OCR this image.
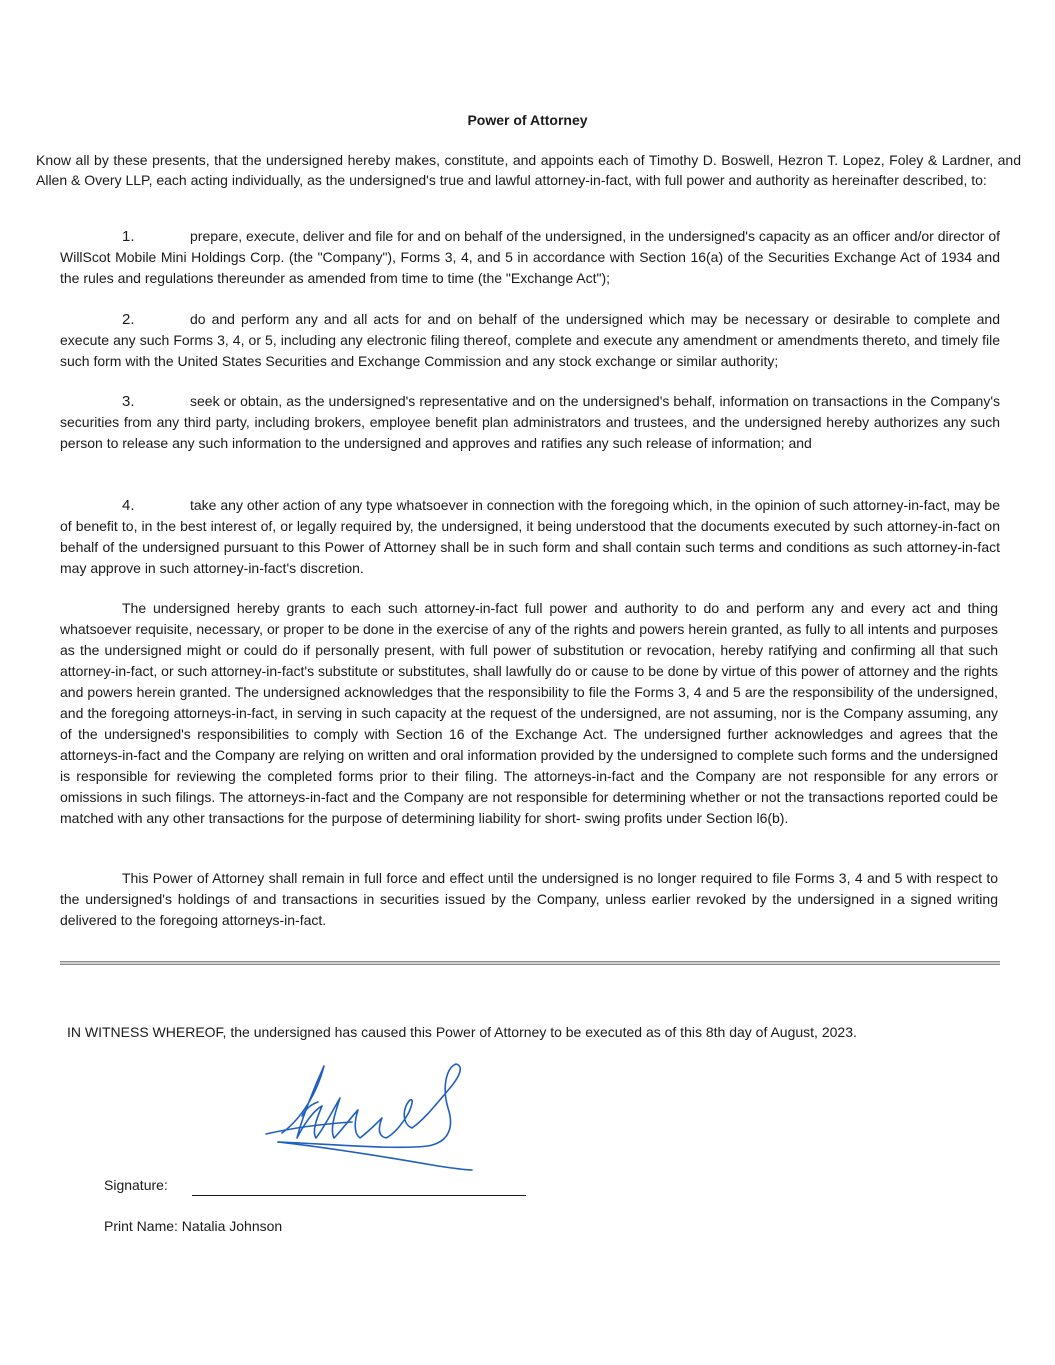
Power of Attorney
Know all by these presents, that the undersigned hereby makes, constitute, and appoints each of Timothy D. Boswell, Hezron T. Lopez, Foley & Lardner, and Allen & Overy LLP, each acting individually, as the undersigned's true and lawful attorney-in-fact, with full power and authority as hereinafter described, to:
1.	prepare, execute, deliver and file for and on behalf of the undersigned, in the undersigned's capacity as an officer and/or director of WillScot Mobile Mini Holdings Corp. (the "Company"), Forms 3, 4, and 5 in accordance with Section 16(a) of the Securities Exchange Act of 1934 and the rules and regulations thereunder as amended from time to time (the "Exchange Act");
2.	do and perform any and all acts for and on behalf of the undersigned which may be necessary or desirable to complete and execute any such Forms 3, 4, or 5, including any electronic filing thereof, complete and execute any amendment or amendments thereto, and timely file such form with the United States Securities and Exchange Commission and any stock exchange or similar authority;
3.	seek or obtain, as the undersigned's representative and on the undersigned's behalf, information on transactions in the Company's securities from any third party, including brokers, employee benefit plan administrators and trustees, and the undersigned hereby authorizes any such person to release any such information to the undersigned and approves and ratifies any such release of information; and
4.	take any other action of any type whatsoever in connection with the foregoing which, in the opinion of such attorney-in-fact, may be of benefit to, in the best interest of, or legally required by, the undersigned, it being understood that the documents executed by such attorney-in-fact on behalf of the undersigned pursuant to this Power of Attorney shall be in such form and shall contain such terms and conditions as such attorney-in-fact may approve in such attorney-in-fact's discretion.
The undersigned hereby grants to each such attorney-in-fact full power and authority to do and perform any and every act and thing whatsoever requisite, necessary, or proper to be done in the exercise of any of the rights and powers herein granted, as fully to all intents and purposes as the undersigned might or could do if personally present, with full power of substitution or revocation, hereby ratifying and confirming all that such attorney-in-fact, or such attorney-in-fact's substitute or substitutes, shall lawfully do or cause to be done by virtue of this power of attorney and the rights and powers herein granted. The undersigned acknowledges that the responsibility to file the Forms 3, 4 and 5 are the responsibility of the undersigned, and the foregoing attorneys-in-fact, in serving in such capacity at the request of the undersigned, are not assuming, nor is the Company assuming, any of the undersigned's responsibilities to comply with Section 16 of the Exchange Act. The undersigned further acknowledges and agrees that the attorneys-in-fact and the Company are relying on written and oral information provided by the undersigned to complete such forms and the undersigned is responsible for reviewing the completed forms prior to their filing. The attorneys-in-fact and the Company are not responsible for any errors or omissions in such filings. The attorneys-in-fact and the Company are not responsible for determining whether or not the transactions reported could be matched with any other transactions for the purpose of determining liability for short- swing profits under Section l6(b).
This Power of Attorney shall remain in full force and effect until the undersigned is no longer required to file Forms 3, 4 and 5 with respect to the undersigned's holdings of and transactions in securities issued by the Company, unless earlier revoked by the undersigned in a signed writing delivered to the foregoing attorneys-in-fact.
IN WITNESS WHEREOF, the undersigned has caused this Power of Attorney to be executed as of this 8th day of August, 2023.
Signature:
Print Name: Natalia Johnson
